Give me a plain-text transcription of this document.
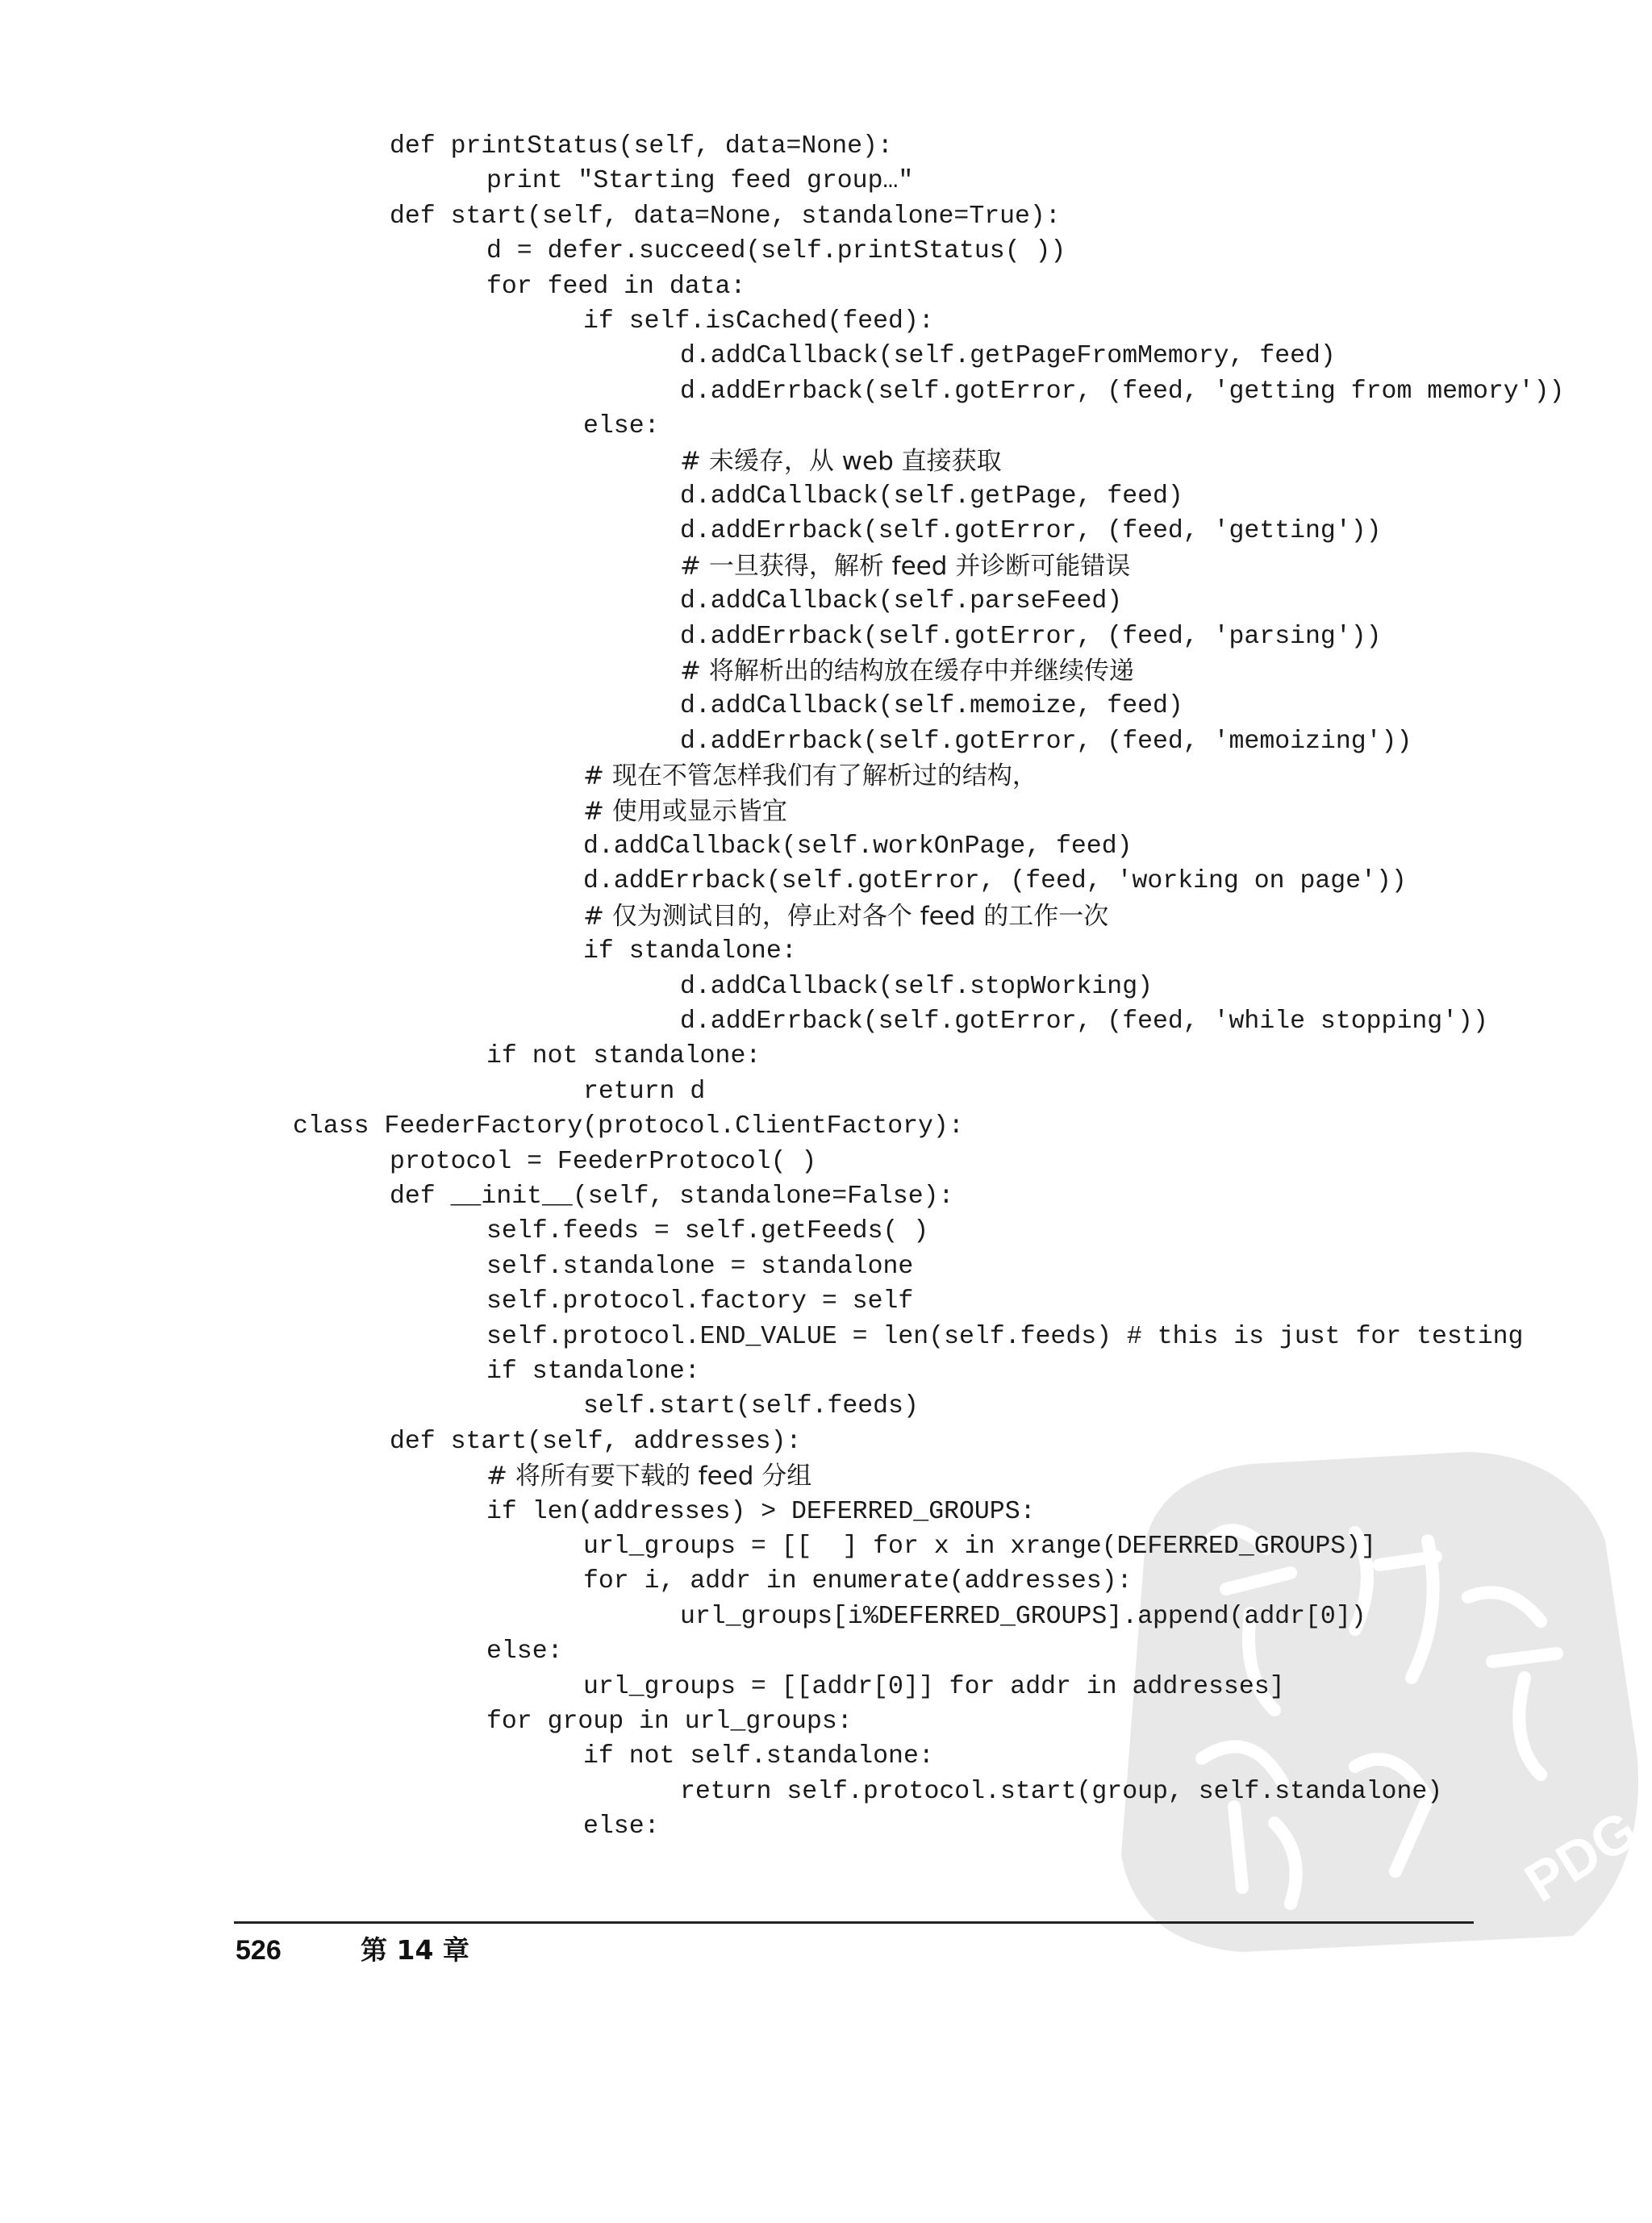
PDG
def printStatus(self, data=None):
print "Starting feed group…"
def start(self, data=None, standalone=True):
d = defer.succeed(self.printStatus( ))
for feed in data:
if self.isCached(feed):
d.addCallback(self.getPageFromMemory, feed)
d.addErrback(self.gotError, (feed, 'getting from memory'))
else:
# 未缓存，从 web 直接获取
d.addCallback(self.getPage, feed)
d.addErrback(self.gotError, (feed, 'getting'))
# 一旦获得，解析 feed 并诊断可能错误
d.addCallback(self.parseFeed)
d.addErrback(self.gotError, (feed, 'parsing'))
# 将解析出的结构放在缓存中并继续传递
d.addCallback(self.memoize, feed)
d.addErrback(self.gotError, (feed, 'memoizing'))
# 现在不管怎样我们有了解析过的结构，
# 使用或显示皆宜
d.addCallback(self.workOnPage, feed)
d.addErrback(self.gotError, (feed, 'working on page'))
# 仅为测试目的，停止对各个 feed 的工作一次
if standalone:
d.addCallback(self.stopWorking)
d.addErrback(self.gotError, (feed, 'while stopping'))
if not standalone:
return d
class FeederFactory(protocol.ClientFactory):
protocol = FeederProtocol( )
def __init__(self, standalone=False):
self.feeds = self.getFeeds( )
self.standalone = standalone
self.protocol.factory = self
self.protocol.END_VALUE = len(self.feeds) # this is just for testing
if standalone:
self.start(self.feeds)
def start(self, addresses):
# 将所有要下载的 feed 分组
if len(addresses) > DEFERRED_GROUPS:
url_groups = [[  ] for x in xrange(DEFERRED_GROUPS)]
for i, addr in enumerate(addresses):
url_groups[i%DEFERRED_GROUPS].append(addr[0])
else:
url_groups = [[addr[0]] for addr in addresses]
for group in url_groups:
if not self.standalone:
return self.protocol.start(group, self.standalone)
else:
526	第 14 章
